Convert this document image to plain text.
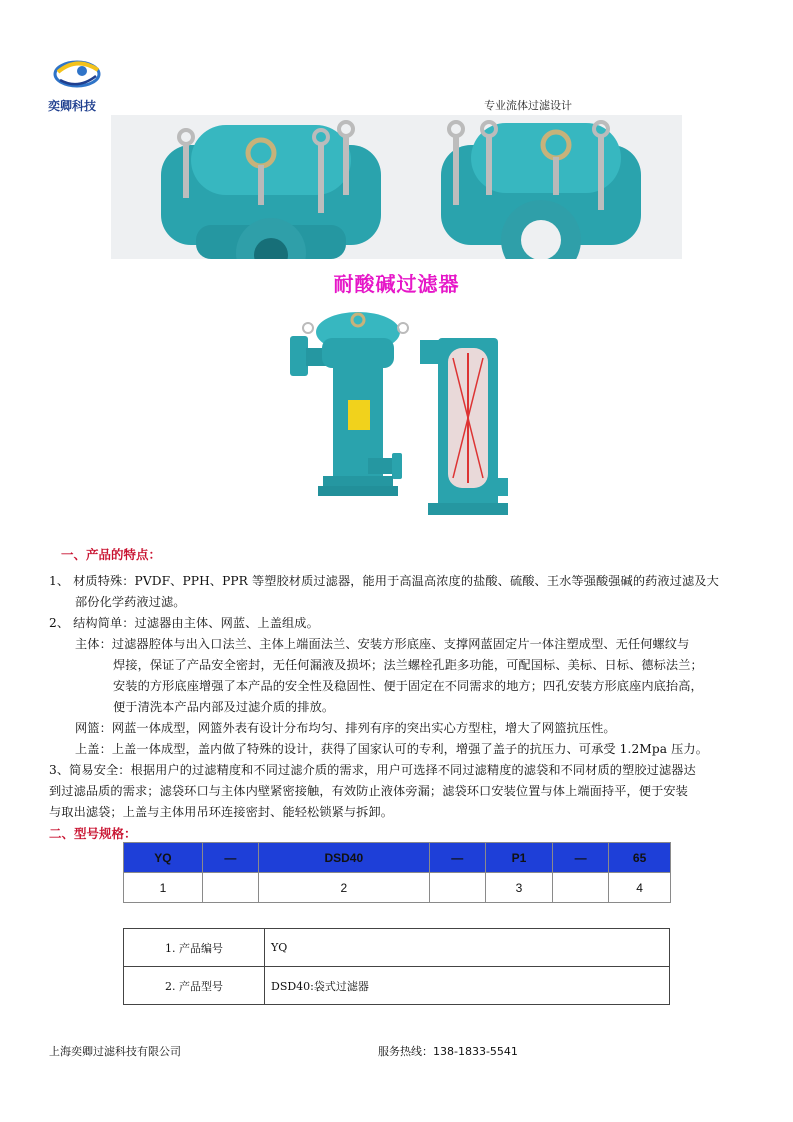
奕卿科技	专业流体过滤设计
耐酸碱过滤器
一、产品的特点：
1、 材质特殊：PVDF、PPH、PPR 等塑胶材质过滤器，能用于高温高浓度的盐酸、硫酸、王水等强酸强碱的药液过滤及大
部份化学药液过滤。
2、 结构简单：过滤器由主体、网蓝、上盖组成。
主体：过滤器腔体与出入口法兰、主体上端面法兰、安装方形底座、支撑网蓝固定片一体注塑成型、无任何螺纹与
焊接，保证了产品安全密封，无任何漏液及损坏；法兰螺栓孔距多功能，可配国标、美标、日标、德标法兰；
安装的方形底座增强了本产品的安全性及稳固性、便于固定在不同需求的地方；四孔安装方形底座内底抬高，
便于清洗本产品内部及过滤介质的排放。
网篮：网蓝一体成型，网篮外表有设计分布均匀、排列有序的突出实心方型柱，增大了网篮抗压性。
上盖：上盖一体成型，盖内做了特殊的设计，获得了国家认可的专利，增强了盖子的抗压力、可承受 1.2Mpa 压力。
3、简易安全：根据用户的过滤精度和不同过滤介质的需求，用户可选择不同过滤精度的滤袋和不同材质的塑胶过滤器达
到过滤品质的需求；滤袋环口与主体内壁紧密接触，有效防止液体旁漏；滤袋环口安装位置与体上端面持平，便于安装
与取出滤袋；上盖与主体用吊环连接密封、能轻松锁紧与拆卸。
二、型号规格：
YQ	—	DSD40	—	P1	—	65
1		2		3		4
1. 产品编号	YQ
2. 产品型号	DSD40:袋式过滤器
上海奕卿过滤科技有限公司	服务热线：138-1833-5541
